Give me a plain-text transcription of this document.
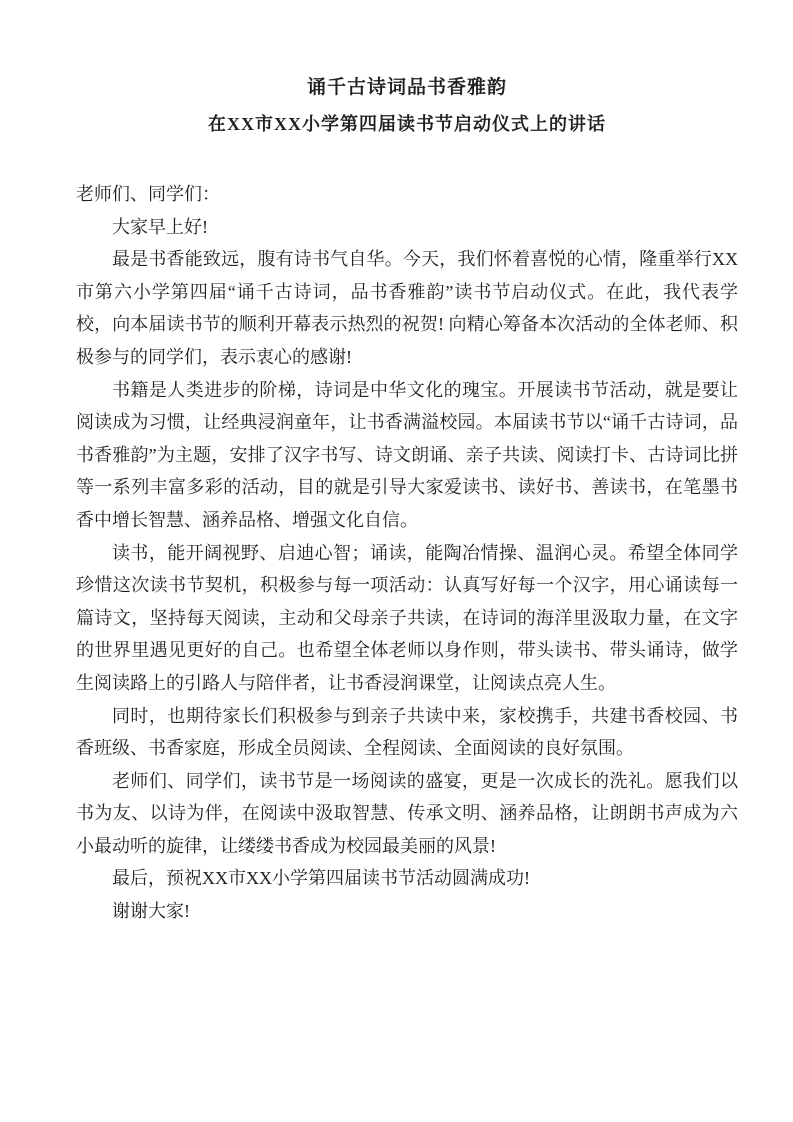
诵千古诗词品书香雅韵
在XX市XX小学第四届读书节启动仪式上的讲话

老师们、同学们：

大家早上好!

最是书香能致远，腹有诗书气自华。今天，我们怀着喜悦的心情，隆重举行XX市第六小学第四届“诵千古诗词，品书香雅韵”读书节启动仪式。在此，我代表学校，向本届读书节的顺利开幕表示热烈的祝贺! 向精心筹备本次活动的全体老师、积极参与的同学们，表示衷心的感谢!

书籍是人类进步的阶梯，诗词是中华文化的瑰宝。开展读书节活动，就是要让阅读成为习惯，让经典浸润童年，让书香满溢校园。本届读书节以“诵千古诗词，品书香雅韵”为主题，安排了汉字书写、诗文朗诵、亲子共读、阅读打卡、古诗词比拼等一系列丰富多彩的活动，目的就是引导大家爱读书、读好书、善读书，在笔墨书香中增长智慧、涵养品格、增强文化自信。

读书，能开阔视野、启迪心智；诵读，能陶冶情操、温润心灵。希望全体同学珍惜这次读书节契机，积极参与每一项活动：认真写好每一个汉字，用心诵读每一篇诗文，坚持每天阅读，主动和父母亲子共读，在诗词的海洋里汲取力量，在文字的世界里遇见更好的自己。也希望全体老师以身作则，带头读书、带头诵诗，做学生阅读路上的引路人与陪伴者，让书香浸润课堂，让阅读点亮人生。

同时，也期待家长们积极参与到亲子共读中来，家校携手，共建书香校园、书香班级、书香家庭，形成全员阅读、全程阅读、全面阅读的良好氛围。

老师们、同学们，读书节是一场阅读的盛宴，更是一次成长的洗礼。愿我们以书为友、以诗为伴，在阅读中汲取智慧、传承文明、涵养品格，让朗朗书声成为六小最动听的旋律，让缕缕书香成为校园最美丽的风景!

最后，预祝XX市XX小学第四届读书节活动圆满成功!

谢谢大家!
